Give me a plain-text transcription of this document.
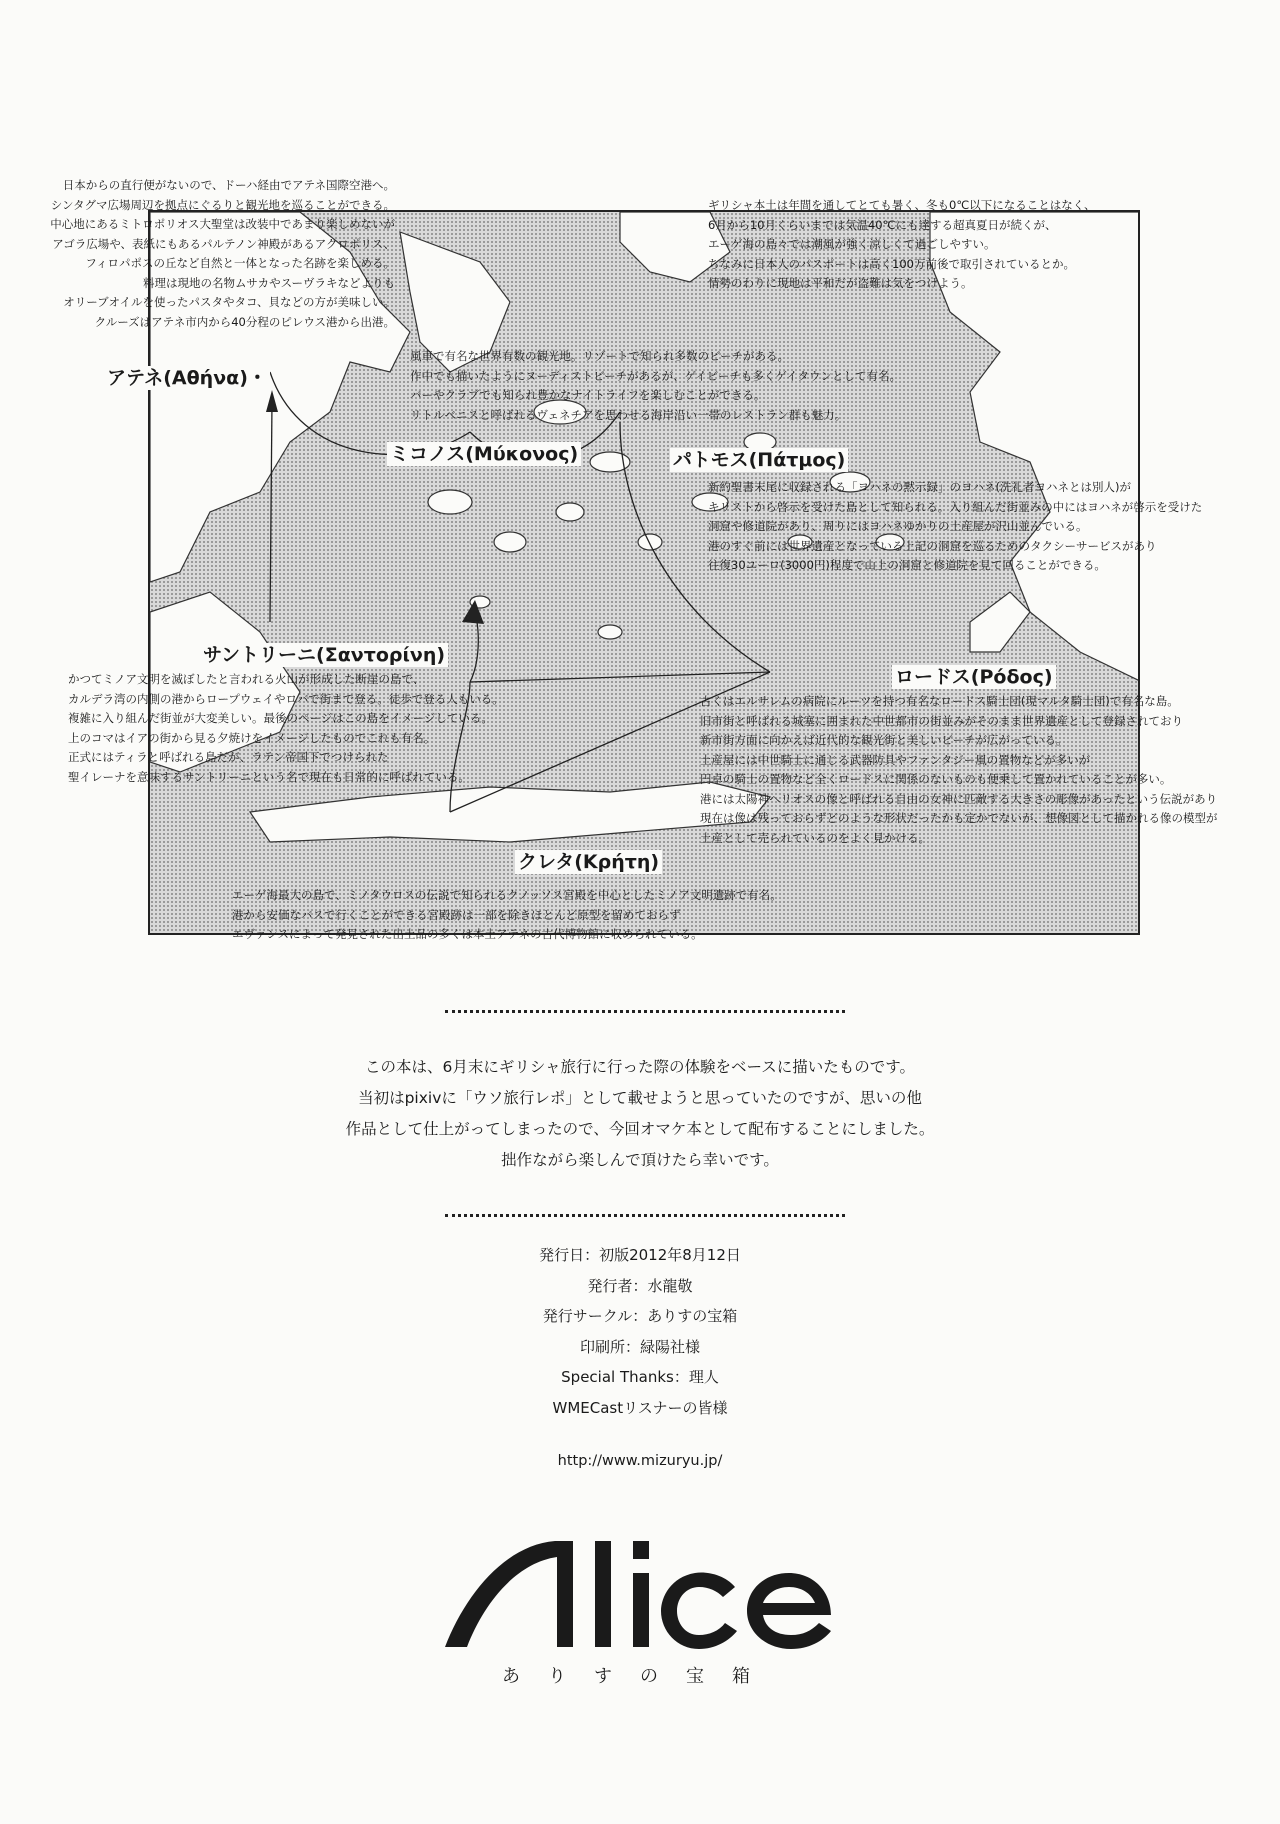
日本からの直行便がないので、ドーハ経由でアテネ国際空港へ。
シンタグマ広場周辺を拠点にぐるりと観光地を巡ることができる。
中心地にあるミトロポリオス大聖堂は改装中であまり楽しめないが
アゴラ広場や、表紙にもあるパルテノン神殿があるアクロポリス、
フィロパポスの丘など自然と一体となった名跡を楽しめる。
料理は現地の名物ムサカやスーヴラキなどよりも
オリーブオイルを使ったパスタやタコ、貝などの方が美味しい。
クルーズはアテネ市内から40分程のピレウス港から出港。
ギリシャ本土は年間を通してとても暑く、冬も0℃以下になることはなく、
6月から10月くらいまでは気温40℃にも達する超真夏日が続くが、
エーゲ海の島々では潮風が強く涼しくて過ごしやすい。
ちなみに日本人のパスポートは高く100万前後で取引されているとか。
情勢のわりに現地は平和だが盗難は気をつけよう。
風車で有名な世界有数の観光地。リゾートで知られ多数のビーチがある。
作中でも描いたようにヌーディストビーチがあるが、ゲイビーチも多くゲイタウンとして有名。
バーやクラブでも知られ豊かなナイトライフを楽しむことができる。
リトルベニスと呼ばれるヴェネチアを思わせる海岸沿い一帯のレストラン群も魅力。
新約聖書末尾に収録される「ヨハネの黙示録」のヨハネ(洗礼者ヨハネとは別人)が
キリストから啓示を受けた島として知られる。入り組んだ街並みの中にはヨハネが啓示を受けた
洞窟や修道院があり、周りにはヨハネゆかりの土産屋が沢山並んでいる。
港のすぐ前には世界遺産となっている上記の洞窟を巡るためのタクシーサービスがあり
往復30ユーロ(3000円)程度で山上の洞窟と修道院を見て回ることができる。
かつてミノア文明を滅ぼしたと言われる火山が形成した断崖の島で、
カルデラ湾の内側の港からロープウェイやロバで街まで登る。徒歩で登る人もいる。
複雑に入り組んだ街並が大変美しい。最後のページはこの島をイメージしている。
上のコマはイアの街から見る夕焼けをイメージしたものでこれも有名。
正式にはティラと呼ばれる島だが、ラテン帝国下でつけられた
聖イレーナを意味するサントリーニという名で現在も日常的に呼ばれている。
古くはエルサレムの病院にルーツを持つ有名なロードス騎士団(現マルタ騎士団)で有名な島。
旧市街と呼ばれる城塞に囲まれた中世都市の街並みがそのまま世界遺産として登録されており
新市街方面に向かえば近代的な観光街と美しいビーチが広がっている。
土産屋には中世騎士に通じる武器防具やファンタジー風の置物などが多いが
円卓の騎士の置物など全くロードスに関係のないものも便乗して置かれていることが多い。
港には太陽神ヘリオスの像と呼ばれる自由の女神に匹敵する大きさの彫像があったという伝説があり
現在は像は残っておらずどのような形状だったかも定かでないが、想像図として描かれる像の模型が
土産として売られているのをよく見かける。
エーゲ海最大の島で、ミノタウロスの伝説で知られるクノッソス宮殿を中心としたミノア文明遺跡で有名。
港から安価なバスで行くことができる宮殿跡は一部を除きほとんど原型を留めておらず
エヴァンスによって発見された出土品の多くは本土アテネの古代博物館に収められている。
アテネ(Αθήνα)・
ミコノス(Μύκονος)	パトモス(Πάτμος)
サントリーニ(Σαντορίνη)
ロードス(Ρόδος)
クレタ(Κρήτη)
この本は、6月末にギリシャ旅行に行った際の体験をベースに描いたものです。
当初はpixivに「ウソ旅行レポ」として載せようと思っていたのですが、思いの他
作品として仕上がってしまったので、今回オマケ本として配布することにしました。
拙作ながら楽しんで頂けたら幸いです。
発行日：初版2012年8月12日
発行者：水龍敬
発行サークル：ありすの宝箱
印刷所：緑陽社様
Special Thanks：理人
WMECastリスナーの皆様
http://www.mizuryu.jp/
ありすの宝箱
